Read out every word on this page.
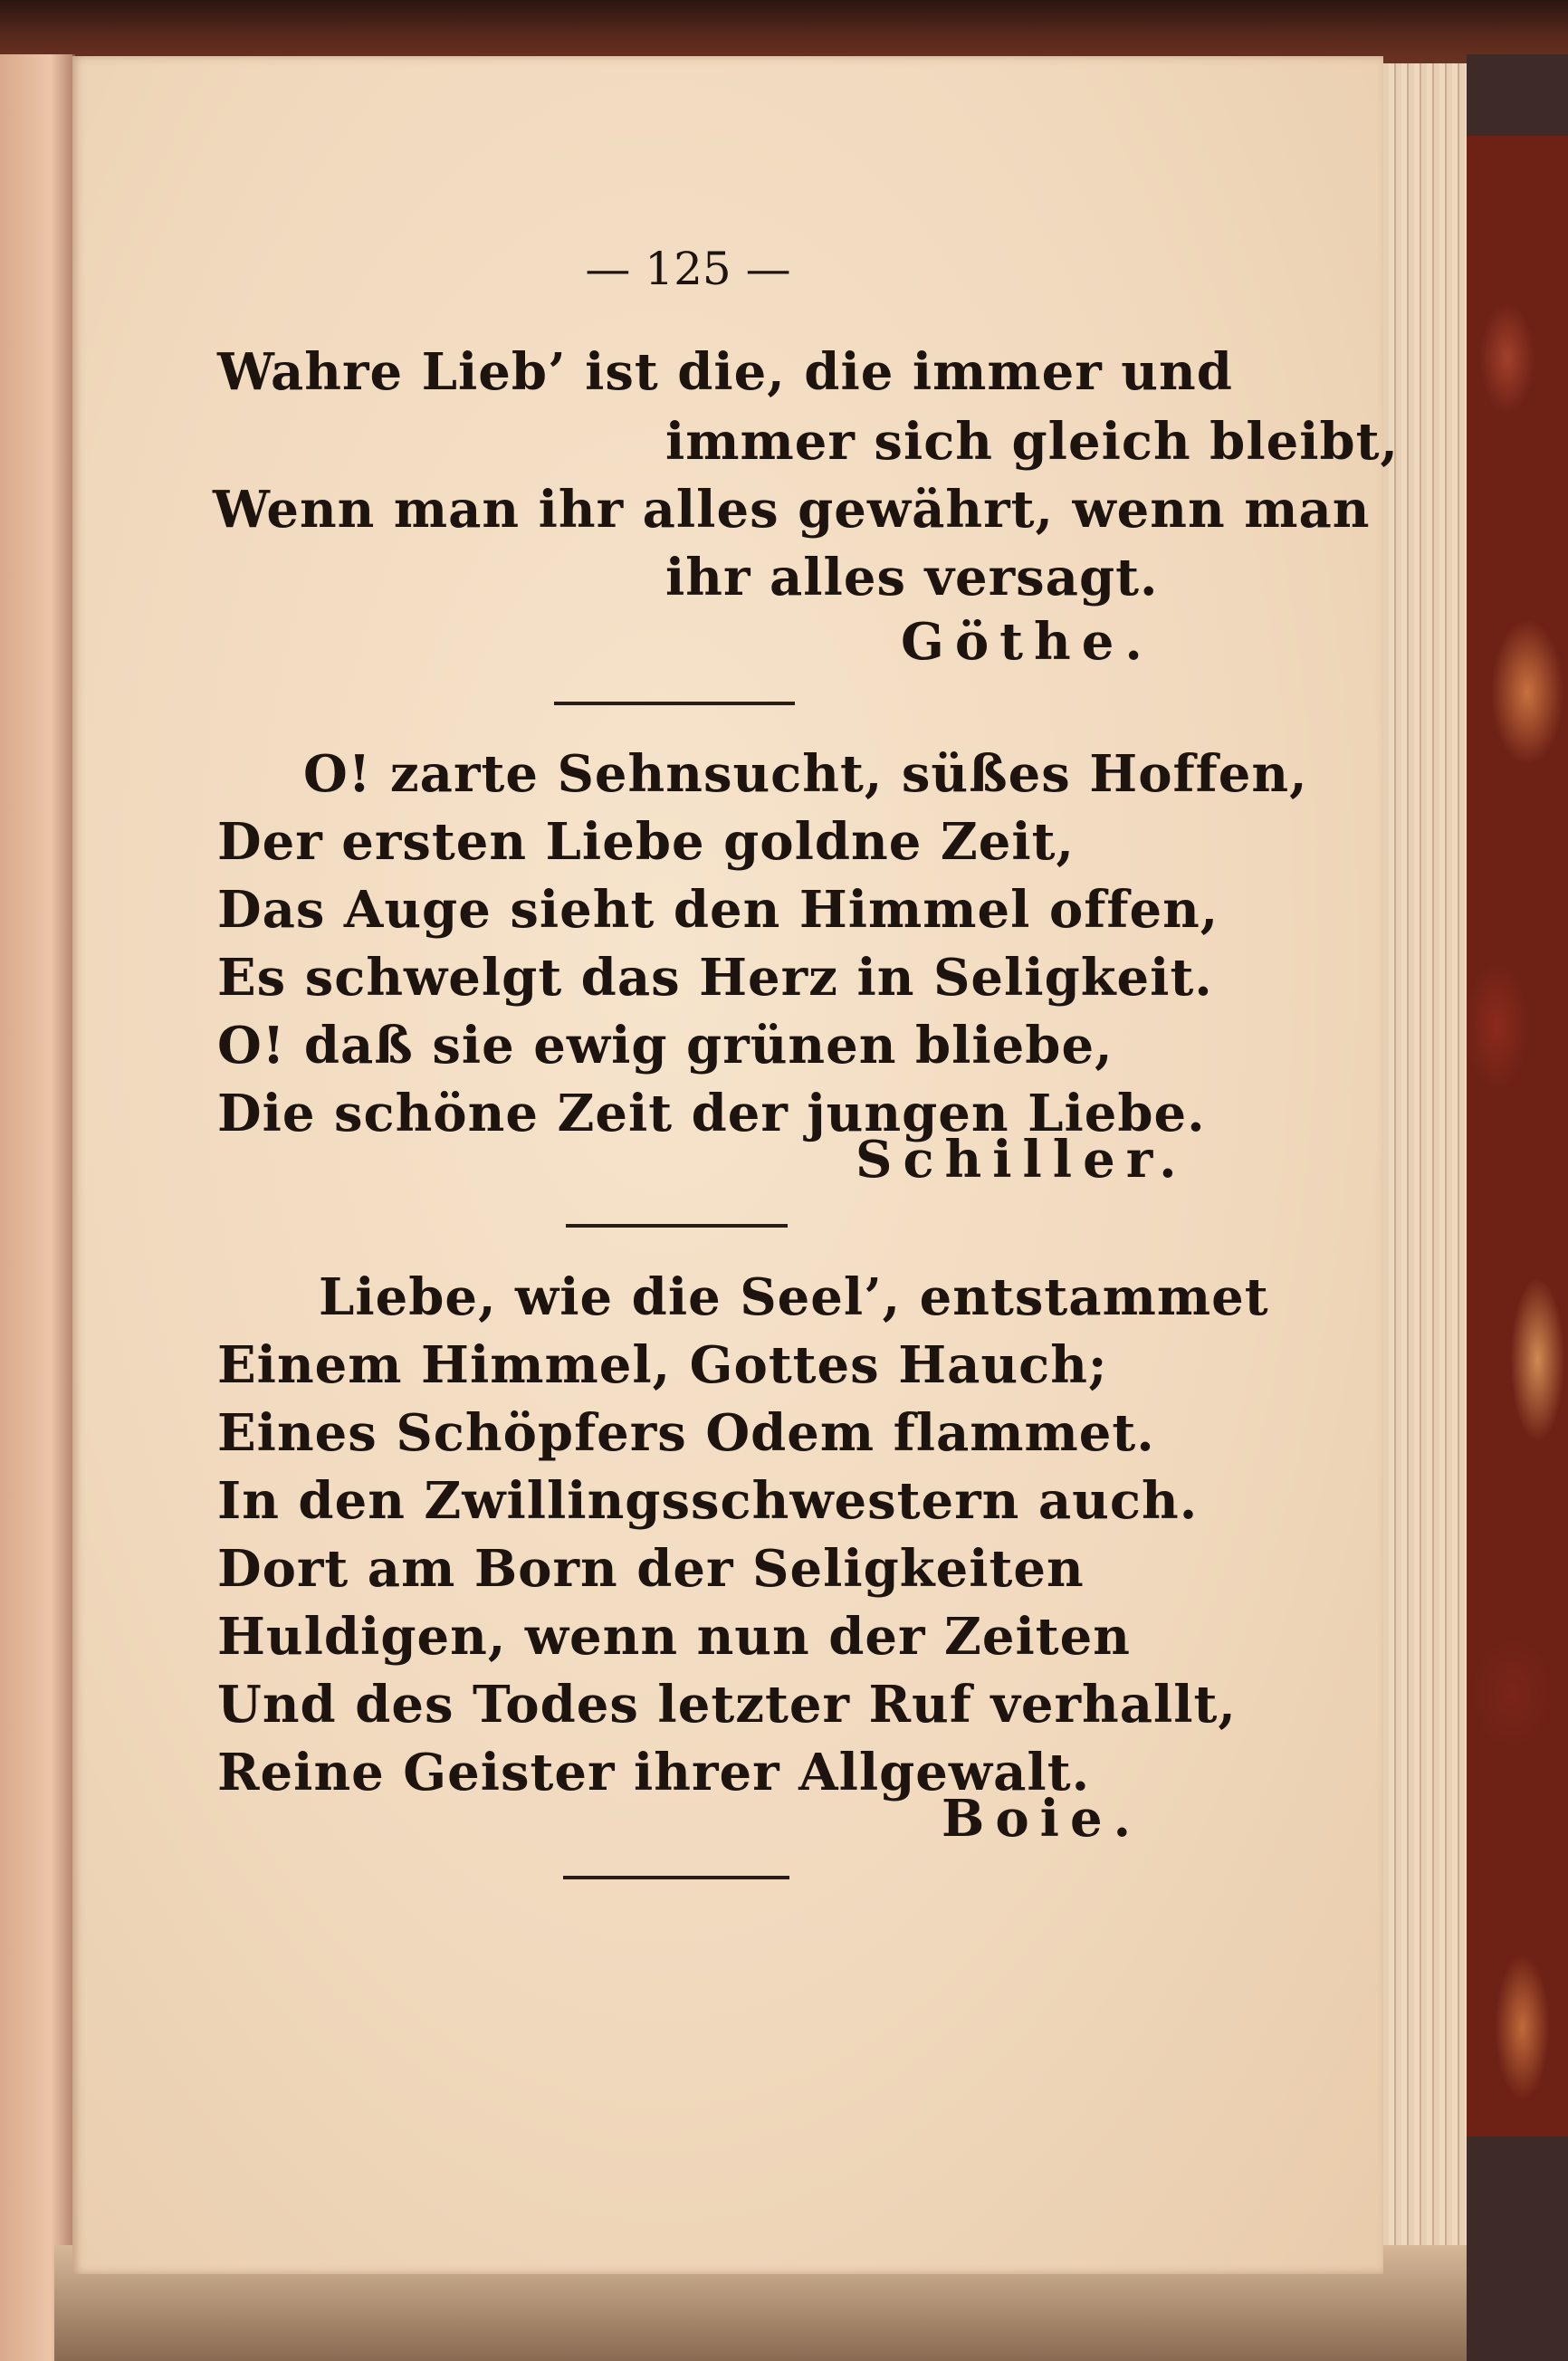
— 125 —
Wahre Lieb’ ist die, die immer und
immer sich gleich bleibt,
Wenn man ihr alles gewährt, wenn man
ihr alles versagt.
Göthe.
O! zarte Sehnsucht, süßes Hoffen,
Der ersten Liebe goldne Zeit,
Das Auge sieht den Himmel offen,
Es schwelgt das Herz in Seligkeit.
O! daß sie ewig grünen bliebe,
Die schöne Zeit der jungen Liebe.
Schiller.
Liebe, wie die Seel’, entstammet
Einem Himmel, Gottes Hauch;
Eines Schöpfers Odem flammet.
In den Zwillingsschwestern auch.
Dort am Born der Seligkeiten
Huldigen, wenn nun der Zeiten
Und des Todes letzter Ruf verhallt,
Reine Geister ihrer Allgewalt.
Boie.
